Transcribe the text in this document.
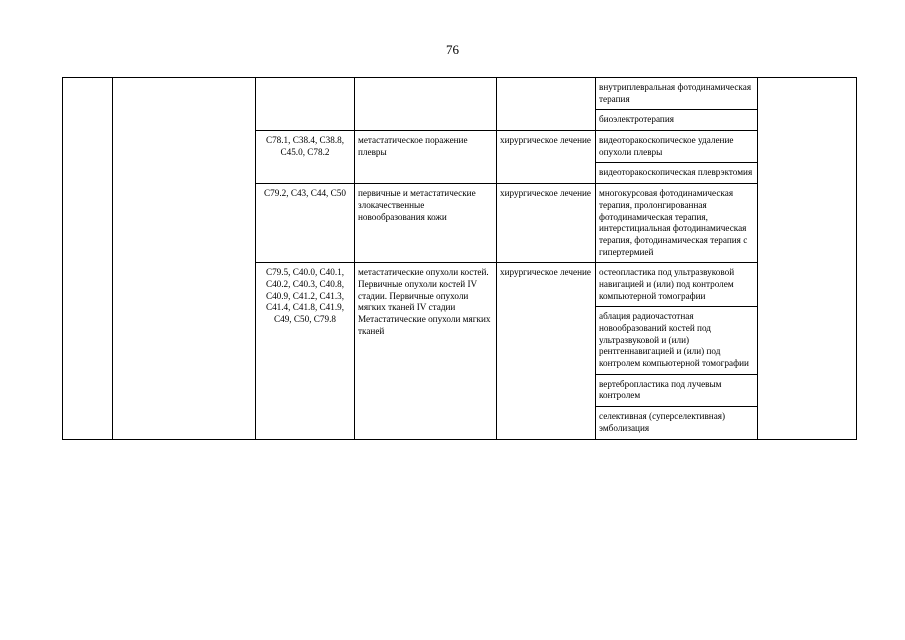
76
					внутриплевральная фотодинамическая терапия	
					биоэлектротерапия	
		C78.1, C38.4, C38.8, C45.0, C78.2	метастатическое поражение плевры	хирургическое лечение	видеоторакоскопическое удаление опухоли плевры	
					видеоторакоскопическая плеврэктомия	
		C79.2, C43, C44, C50	первичные и метастатические злокачественные новообразования кожи	хирургическое лечение	многокурсовая фотодинамическая терапия, пролонгированная фотодинамическая терапия, интерстициальная фотодинамическая терапия, фотодинамическая терапия с гипертермией	
		C79.5, C40.0, C40.1, C40.2, C40.3, C40.8, C40.9, C41.2, C41.3, C41.4, C41.8, C41.9, C49, C50, C79.8	метастатические опухоли костей. Первичные опухоли костей IV стадии. Первичные опухоли мягких тканей IV стадии Метастатические опухоли мягких тканей	хирургическое лечение	остеопластика под ультразвуковой навигацией и (или) под контролем компьютерной томографии	
					аблация радиочастотная новообразований костей под ультразвуковой и (или) рентгеннавигацией и (или) под контролем компьютерной томографии	
					вертебропластика под лучевым контролем	
					селективная (суперселективная) эмболизация	
